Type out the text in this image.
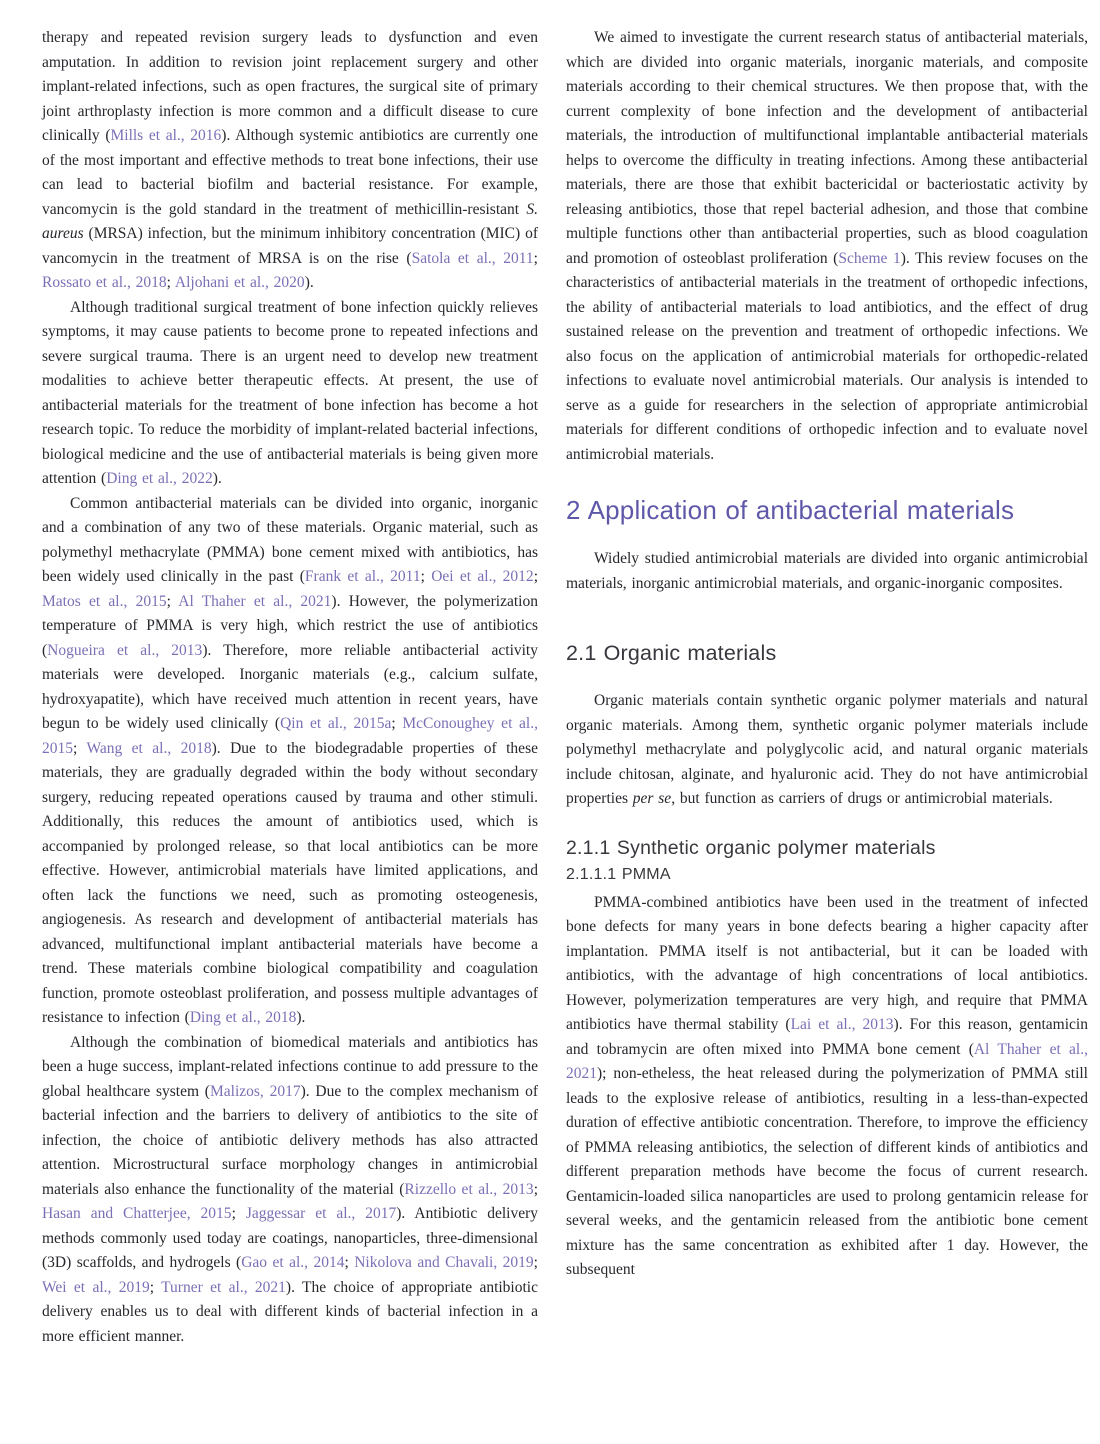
therapy and repeated revision surgery leads to dysfunction and even amputation. In addition to revision joint replacement surgery and other implant-related infections, such as open fractures, the surgical site of primary joint arthroplasty infection is more common and a difficult disease to cure clinically (Mills et al., 2016). Although systemic antibiotics are currently one of the most important and effective methods to treat bone infections, their use can lead to bacterial biofilm and bacterial resistance. For example, vancomycin is the gold standard in the treatment of methicillin-resistant S. aureus (MRSA) infection, but the minimum inhibitory concentration (MIC) of vancomycin in the treatment of MRSA is on the rise (Satola et al., 2011; Rossato et al., 2018; Aljohani et al., 2020).

Although traditional surgical treatment of bone infection quickly relieves symptoms, it may cause patients to become prone to repeated infections and severe surgical trauma. There is an urgent need to develop new treatment modalities to achieve better therapeutic effects. At present, the use of antibacterial materials for the treatment of bone infection has become a hot research topic. To reduce the morbidity of implant-related bacterial infections, biological medicine and the use of antibacterial materials is being given more attention (Ding et al., 2022).

Common antibacterial materials can be divided into organic, inorganic and a combination of any two of these materials. Organic material, such as polymethyl methacrylate (PMMA) bone cement mixed with antibiotics, has been widely used clinically in the past (Frank et al., 2011; Oei et al., 2012; Matos et al., 2015; Al Thaher et al., 2021). However, the polymerization temperature of PMMA is very high, which restrict the use of antibiotics (Nogueira et al., 2013). Therefore, more reliable antibacterial activity materials were developed. Inorganic materials (e.g., calcium sulfate, hydroxyapatite), which have received much attention in recent years, have begun to be widely used clinically (Qin et al., 2015a; McConoughey et al., 2015; Wang et al., 2018). Due to the biodegradable properties of these materials, they are gradually degraded within the body without secondary surgery, reducing repeated operations caused by trauma and other stimuli. Additionally, this reduces the amount of antibiotics used, which is accompanied by prolonged release, so that local antibiotics can be more effective. However, antimicrobial materials have limited applications, and often lack the functions we need, such as promoting osteogenesis, angiogenesis. As research and development of antibacterial materials has advanced, multifunctional implant antibacterial materials have become a trend. These materials combine biological compatibility and coagulation function, promote osteoblast proliferation, and possess multiple advantages of resistance to infection (Ding et al., 2018).

Although the combination of biomedical materials and antibiotics has been a huge success, implant-related infections continue to add pressure to the global healthcare system (Malizos, 2017). Due to the complex mechanism of bacterial infection and the barriers to delivery of antibiotics to the site of infection, the choice of antibiotic delivery methods has also attracted attention. Microstructural surface morphology changes in antimicrobial materials also enhance the functionality of the material (Rizzello et al., 2013; Hasan and Chatterjee, 2015; Jaggessar et al., 2017). Antibiotic delivery methods commonly used today are coatings, nanoparticles, three-dimensional (3D) scaffolds, and hydrogels (Gao et al., 2014; Nikolova and Chavali, 2019; Wei et al., 2019; Turner et al., 2021). The choice of appropriate antibiotic delivery enables us to deal with different kinds of bacterial infection in a more efficient manner.

We aimed to investigate the current research status of antibacterial materials, which are divided into organic materials, inorganic materials, and composite materials according to their chemical structures. We then propose that, with the current complexity of bone infection and the development of antibacterial materials, the introduction of multifunctional implantable antibacterial materials helps to overcome the difficulty in treating infections. Among these antibacterial materials, there are those that exhibit bactericidal or bacteriostatic activity by releasing antibiotics, those that repel bacterial adhesion, and those that combine multiple functions other than antibacterial properties, such as blood coagulation and promotion of osteoblast proliferation (Scheme 1). This review focuses on the characteristics of antibacterial materials in the treatment of orthopedic infections, the ability of antibacterial materials to load antibiotics, and the effect of drug sustained release on the prevention and treatment of orthopedic infections. We also focus on the application of antimicrobial materials for orthopedic-related infections to evaluate novel antimicrobial materials. Our analysis is intended to serve as a guide for researchers in the selection of appropriate antimicrobial materials for different conditions of orthopedic infection and to evaluate novel antimicrobial materials.

2 Application of antibacterial materials

Widely studied antimicrobial materials are divided into organic antimicrobial materials, inorganic antimicrobial materials, and organic-inorganic composites.

2.1 Organic materials

Organic materials contain synthetic organic polymer materials and natural organic materials. Among them, synthetic organic polymer materials include polymethyl methacrylate and polyglycolic acid, and natural organic materials include chitosan, alginate, and hyaluronic acid. They do not have antimicrobial properties per se, but function as carriers of drugs or antimicrobial materials.

2.1.1 Synthetic organic polymer materials
2.1.1.1 PMMA

PMMA-combined antibiotics have been used in the treatment of infected bone defects for many years in bone defects bearing a higher capacity after implantation. PMMA itself is not antibacterial, but it can be loaded with antibiotics, with the advantage of high concentrations of local antibiotics. However, polymerization temperatures are very high, and require that PMMA antibiotics have thermal stability (Lai et al., 2013). For this reason, gentamicin and tobramycin are often mixed into PMMA bone cement (Al Thaher et al., 2021); non-etheless, the heat released during the polymerization of PMMA still leads to the explosive release of antibiotics, resulting in a less-than-expected duration of effective antibiotic concentration. Therefore, to improve the efficiency of PMMA releasing antibiotics, the selection of different kinds of antibiotics and different preparation methods have become the focus of current research. Gentamicin-loaded silica nanoparticles are used to prolong gentamicin release for several weeks, and the gentamicin released from the antibiotic bone cement mixture has the same concentration as exhibited after 1 day. However, the subsequent
